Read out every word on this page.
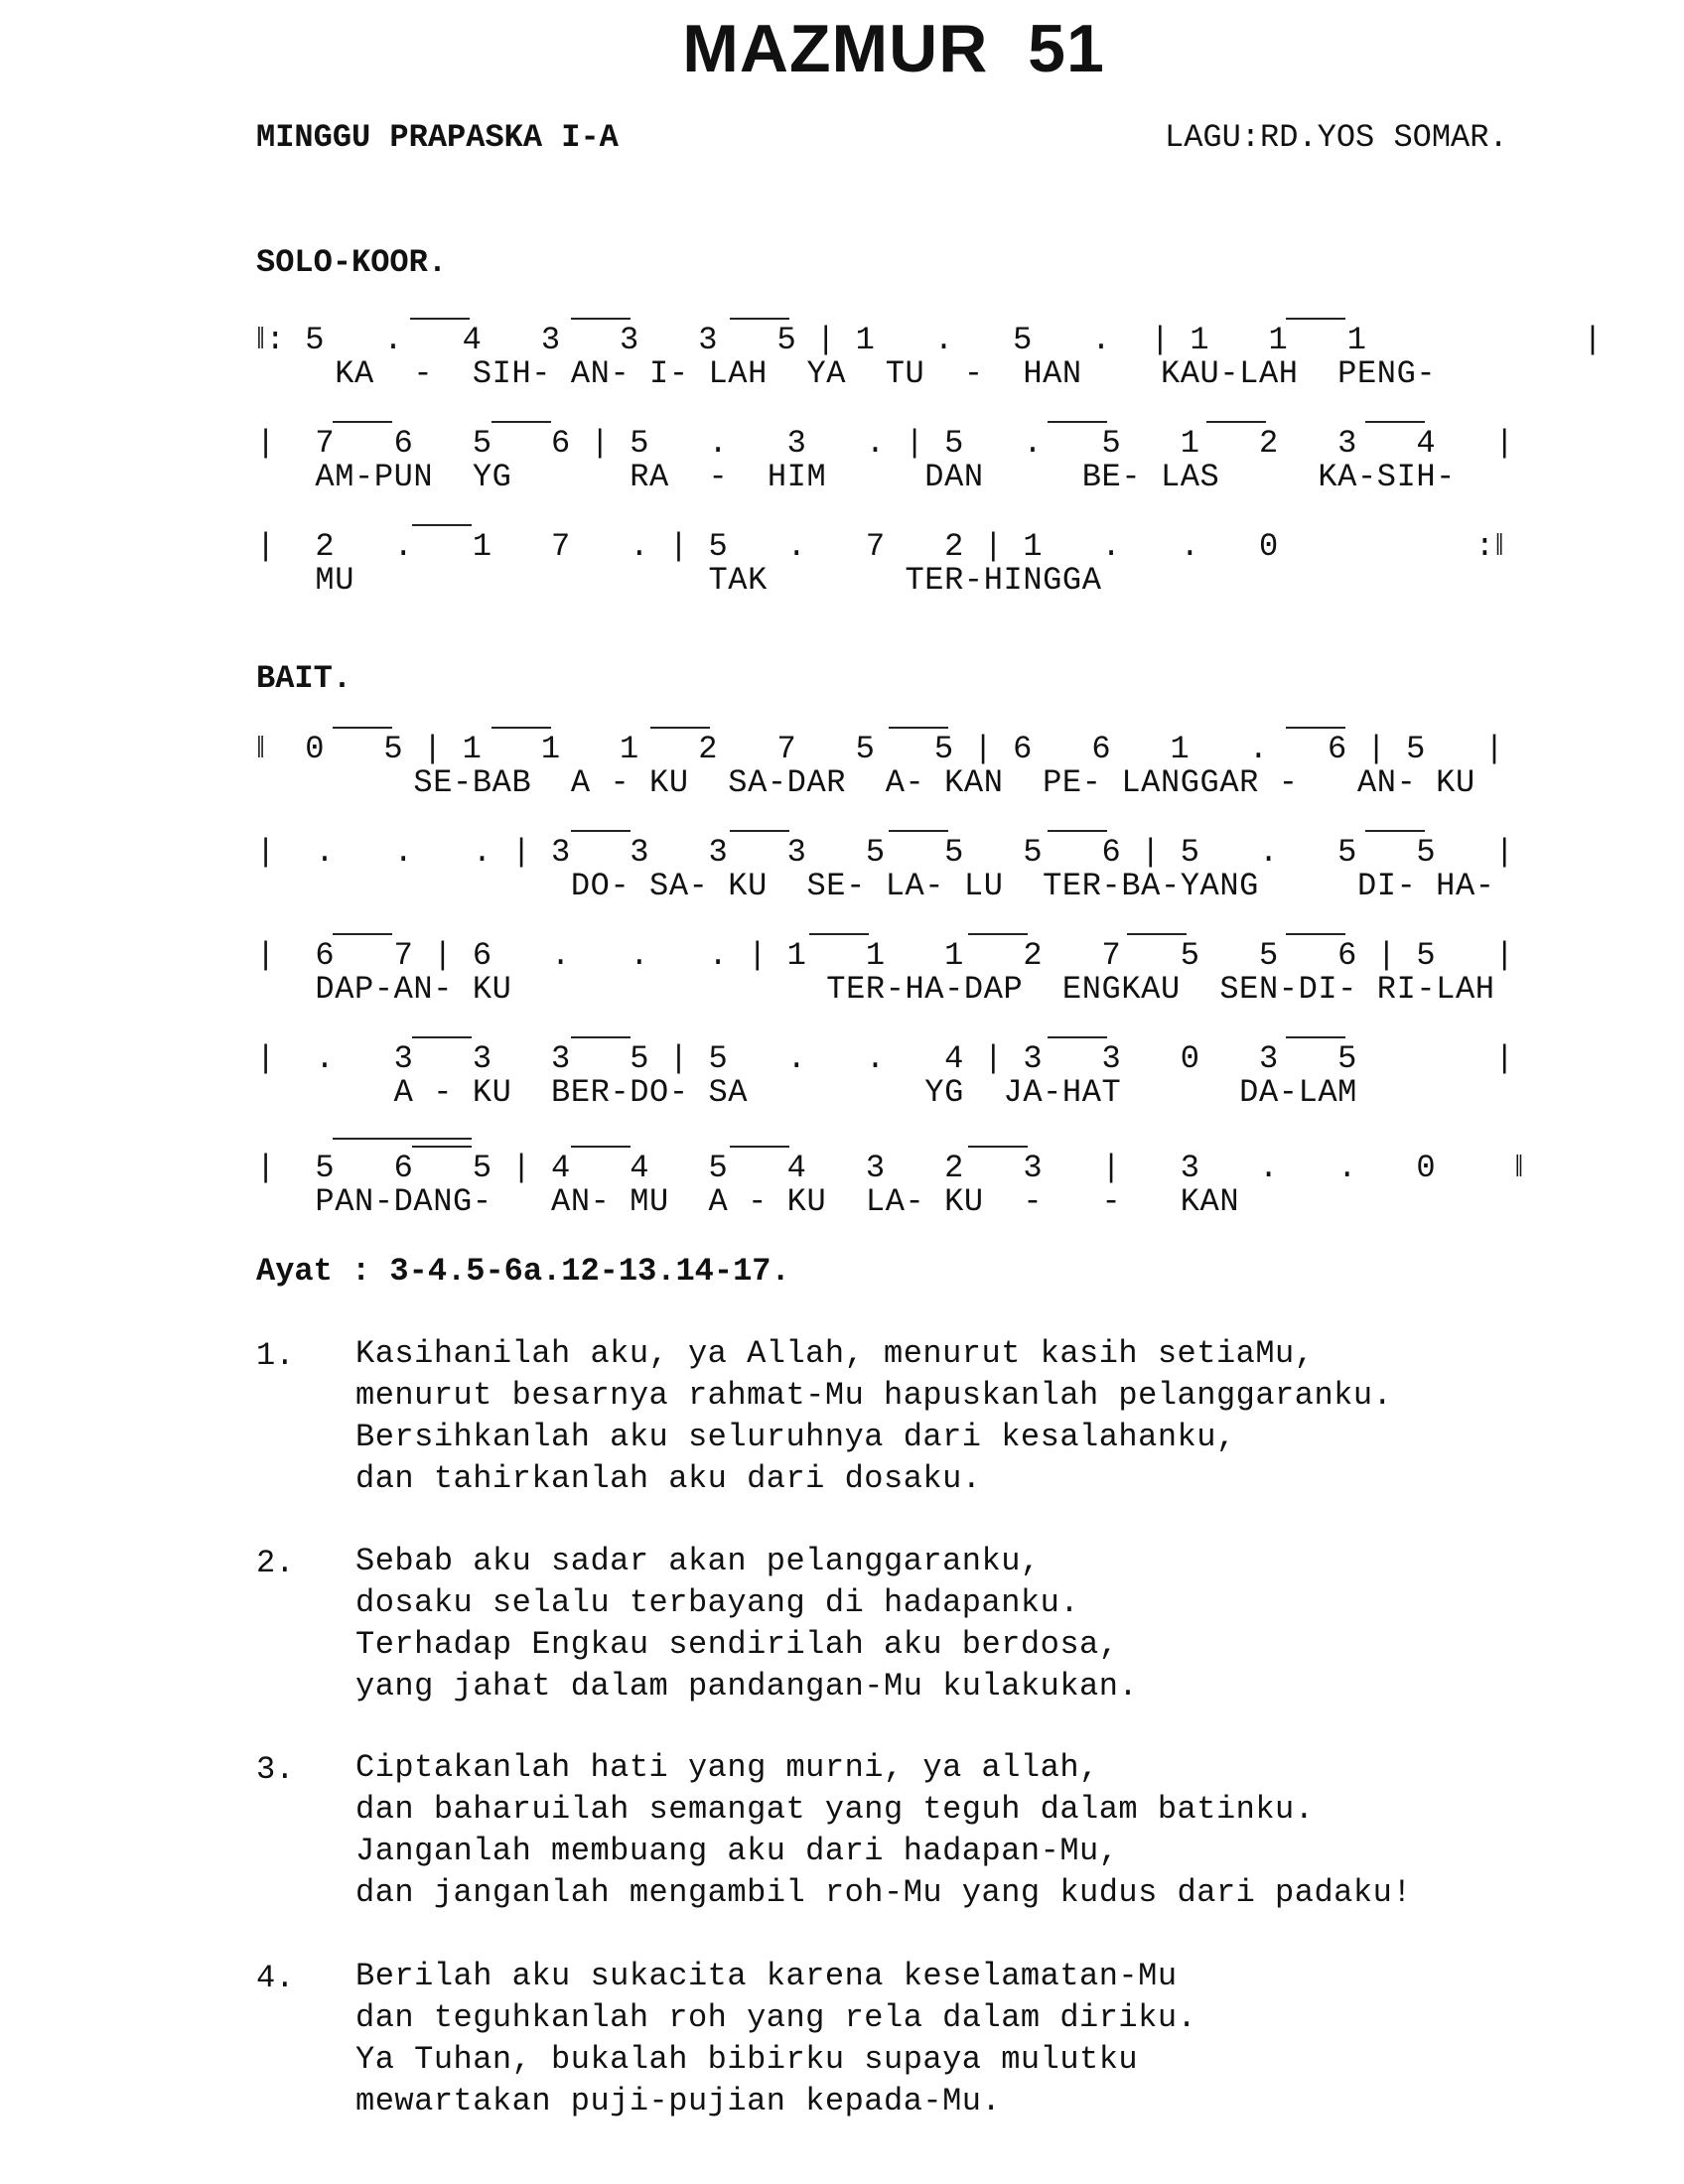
MAZMUR  51
MINGGU PRAPASKA I-A	LAGU:RD.YOS SOMAR.
SOLO-KOOR.
‖: 5   .   4   3   3   3   5 | 1   .   5   .  | 1   1   1           |
KA  -  SIH- AN- I- LAH  YA  TU  -  HAN    KAU-LAH  PENG-
|  7   6   5   6 | 5   .   3   . | 5   .   5   1   2   3   4   |
AM-PUN  YG      RA  -  HIM     DAN     BE- LAS     KA-SIH-
|  2   .   1   7   . | 5   .   7   2 | 1   .   .   0          :‖
MU                  TAK       TER-HINGGA
BAIT.
‖  0   5 | 1   1   1   2   7   5   5 | 6   6   1   .   6 | 5   |
SE-BAB  A - KU  SA-DAR  A- KAN  PE- LANGGAR -   AN- KU
|  .   .   . | 3   3   3   3   5   5   5   6 | 5   .   5   5   |
DO- SA- KU  SE- LA- LU  TER-BA-YANG     DI- HA-
|  6   7 | 6   .   .   . | 1   1   1   2   7   5   5   6 | 5   |
DAP-AN- KU                TER-HA-DAP  ENGKAU  SEN-DI- RI-LAH
|  .   3   3   3   5 | 5   .   .   4 | 3   3   0   3   5       |
A - KU  BER-DO- SA         YG  JA-HAT      DA-LAM
|  5   6   5 | 4   4   5   4   3   2   3   |   3   .   .   0    ‖
PAN-DANG-   AN- MU  A - KU  LA- KU  -   -   KAN
Ayat : 3-4.5-6a.12-13.14-17.
1. Kasihanilah aku, ya Allah, menurut kasih setiaMu,
menurut besarnya rahmat-Mu hapuskanlah pelanggaranku.
Bersihkanlah aku seluruhnya dari kesalahanku,
dan tahirkanlah aku dari dosaku.
2. Sebab aku sadar akan pelanggaranku,
dosaku selalu terbayang di hadapanku.
Terhadap Engkau sendirilah aku berdosa,
yang jahat dalam pandangan-Mu kulakukan.
3. Ciptakanlah hati yang murni, ya allah,
dan baharuilah semangat yang teguh dalam batinku.
Janganlah membuang aku dari hadapan-Mu,
dan janganlah mengambil roh-Mu yang kudus dari padaku!
4. Berilah aku sukacita karena keselamatan-Mu
dan teguhkanlah roh yang rela dalam diriku.
Ya Tuhan, bukalah bibirku supaya mulutku
mewartakan puji-pujian kepada-Mu.
